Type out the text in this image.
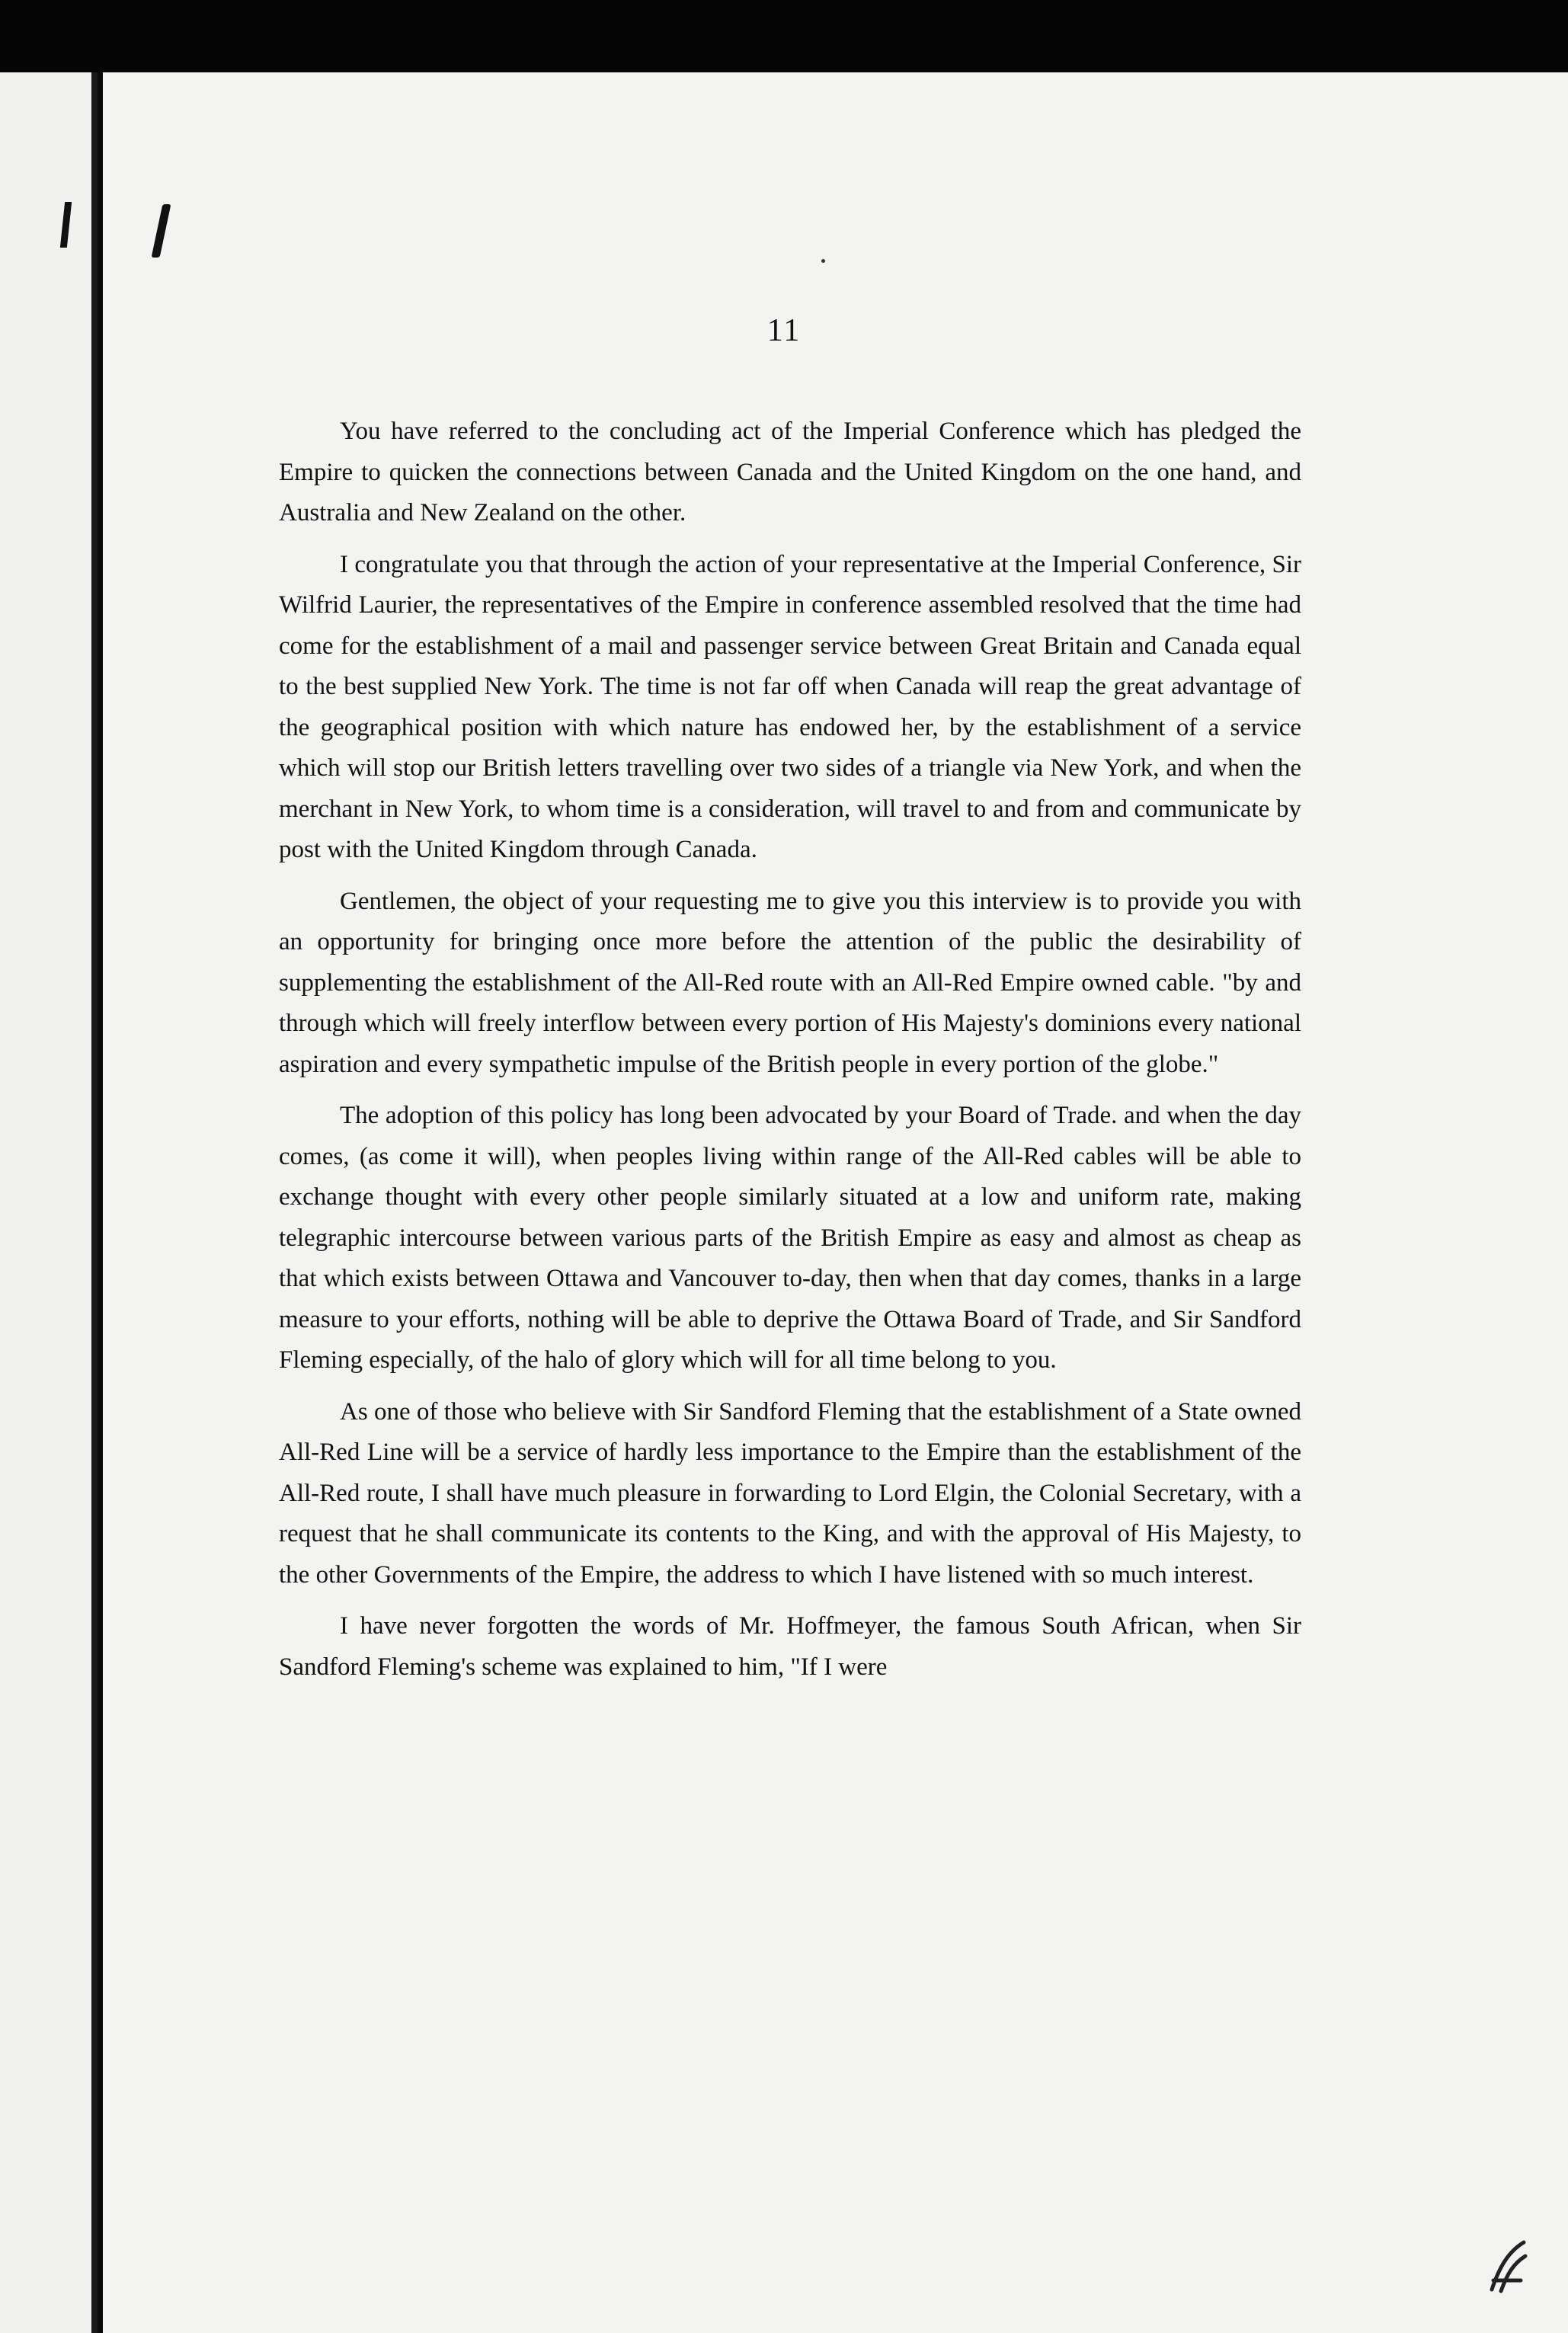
11

You have referred to the concluding act of the Imperial Conference which has pledged the Empire to quicken the connections between Canada and the United Kingdom on the one hand, and Australia and New Zealand on the other.

I congratulate you that through the action of your representative at the Imperial Conference, Sir Wilfrid Laurier, the representatives of the Empire in conference assembled resolved that the time had come for the establishment of a mail and passenger service between Great Britain and Canada equal to the best supplied New York. The time is not far off when Canada will reap the great advantage of the geographical position with which nature has endowed her, by the establishment of a service which will stop our British letters travelling over two sides of a triangle via New York, and when the merchant in New York, to whom time is a consideration, will travel to and from and communicate by post with the United Kingdom through Canada.

Gentlemen, the object of your requesting me to give you this interview is to provide you with an opportunity for bringing once more before the attention of the public the desirability of supplementing the establishment of the All-Red route with an All-Red Empire owned cable. "by and through which will freely interflow between every portion of His Majesty's dominions every national aspiration and every sympathetic impulse of the British people in every portion of the globe."

The adoption of this policy has long been advocated by your Board of Trade. and when the day comes, (as come it will), when peoples living within range of the All-Red cables will be able to exchange thought with every other people similarly situated at a low and uniform rate, making telegraphic intercourse between various parts of the British Empire as easy and almost as cheap as that which exists between Ottawa and Vancouver to-day, then when that day comes, thanks in a large measure to your efforts, nothing will be able to deprive the Ottawa Board of Trade, and Sir Sandford Fleming especially, of the halo of glory which will for all time belong to you.

As one of those who believe with Sir Sandford Fleming that the establishment of a State owned All-Red Line will be a service of hardly less importance to the Empire than the establishment of the All-Red route, I shall have much pleasure in forwarding to Lord Elgin, the Colonial Secretary, with a request that he shall communicate its contents to the King, and with the approval of His Majesty, to the other Governments of the Empire, the address to which I have listened with so much interest.

I have never forgotten the words of Mr. Hoffmeyer, the famous South African, when Sir Sandford Fleming's scheme was explained to him, "If I were
